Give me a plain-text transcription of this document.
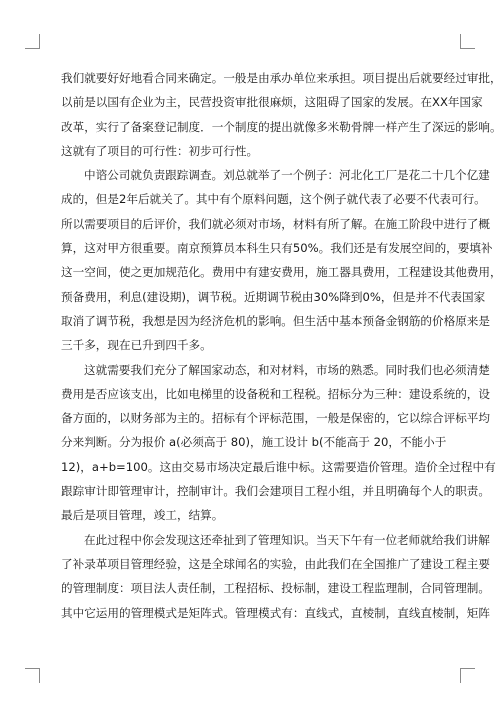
我们就要好好地看合同来确定。一般是由承办单位来承担。项目提出后就要经过审批，
以前是以国有企业为主，民营投资审批很麻烦，这阻碍了国家的发展。在XX年国家
改革，实行了备案登记制度．一个制度的提出就像多米勒骨牌一样产生了深远的影响。
这就有了项目的可行性：初步可行性。
中谘公司就负责跟踪调查。刘总就举了一个例子：河北化工厂是花二十几个亿建
成的，但是2年后就关了。其中有个原料问题，这个例子就代表了必要不代表可行。
所以需要项目的后评价，我们就必须对市场，材料有所了解。在施工阶段中进行了概
算，这对甲方很重要。南京预算员本科生只有50%。我们还是有发展空间的，要填补
这一空间，使之更加规范化。费用中有建安费用，施工器具费用，工程建设其他费用，
预备费用，利息(建设期)，调节税。近期调节税由30%降到0%，但是并不代表国家
取消了调节税，我想是因为经济危机的影响。但生活中基本预备金钢筋的价格原来是
三千多，现在已升到四千多。
这就需要我们充分了解国家动态，和对材料，市场的熟悉。同时我们也必须清楚
费用是否应该支出，比如电梯里的设备税和工程税。招标分为三种：建设系统的，设
备方面的，以财务部为主的。招标有个评标范围，一般是保密的，它以综合评标平均
分来判断。分为报价 a(必须高于 80)，施工设计 b(不能高于 20，不能小于
12)，a+b=100。这由交易市场决定最后谁中标。这需要造价管理。造价全过程中有
跟踪审计即管理审计，控制审计。我们会建项目工程小组，并且明确每个人的职责。
最后是项目管理，竣工，结算。
在此过程中你会发现这还牵扯到了管理知识。当天下午有一位老师就给我们讲解
了补录革项目管理经验，这是全球闻名的实验，由此我们在全国推广了建设工程主要
的管理制度：项目法人责任制，工程招标、投标制，建设工程监理制，合同管理制。
其中它运用的管理模式是矩阵式。管理模式有：直线式，直棱制，直线直棱制，矩阵
